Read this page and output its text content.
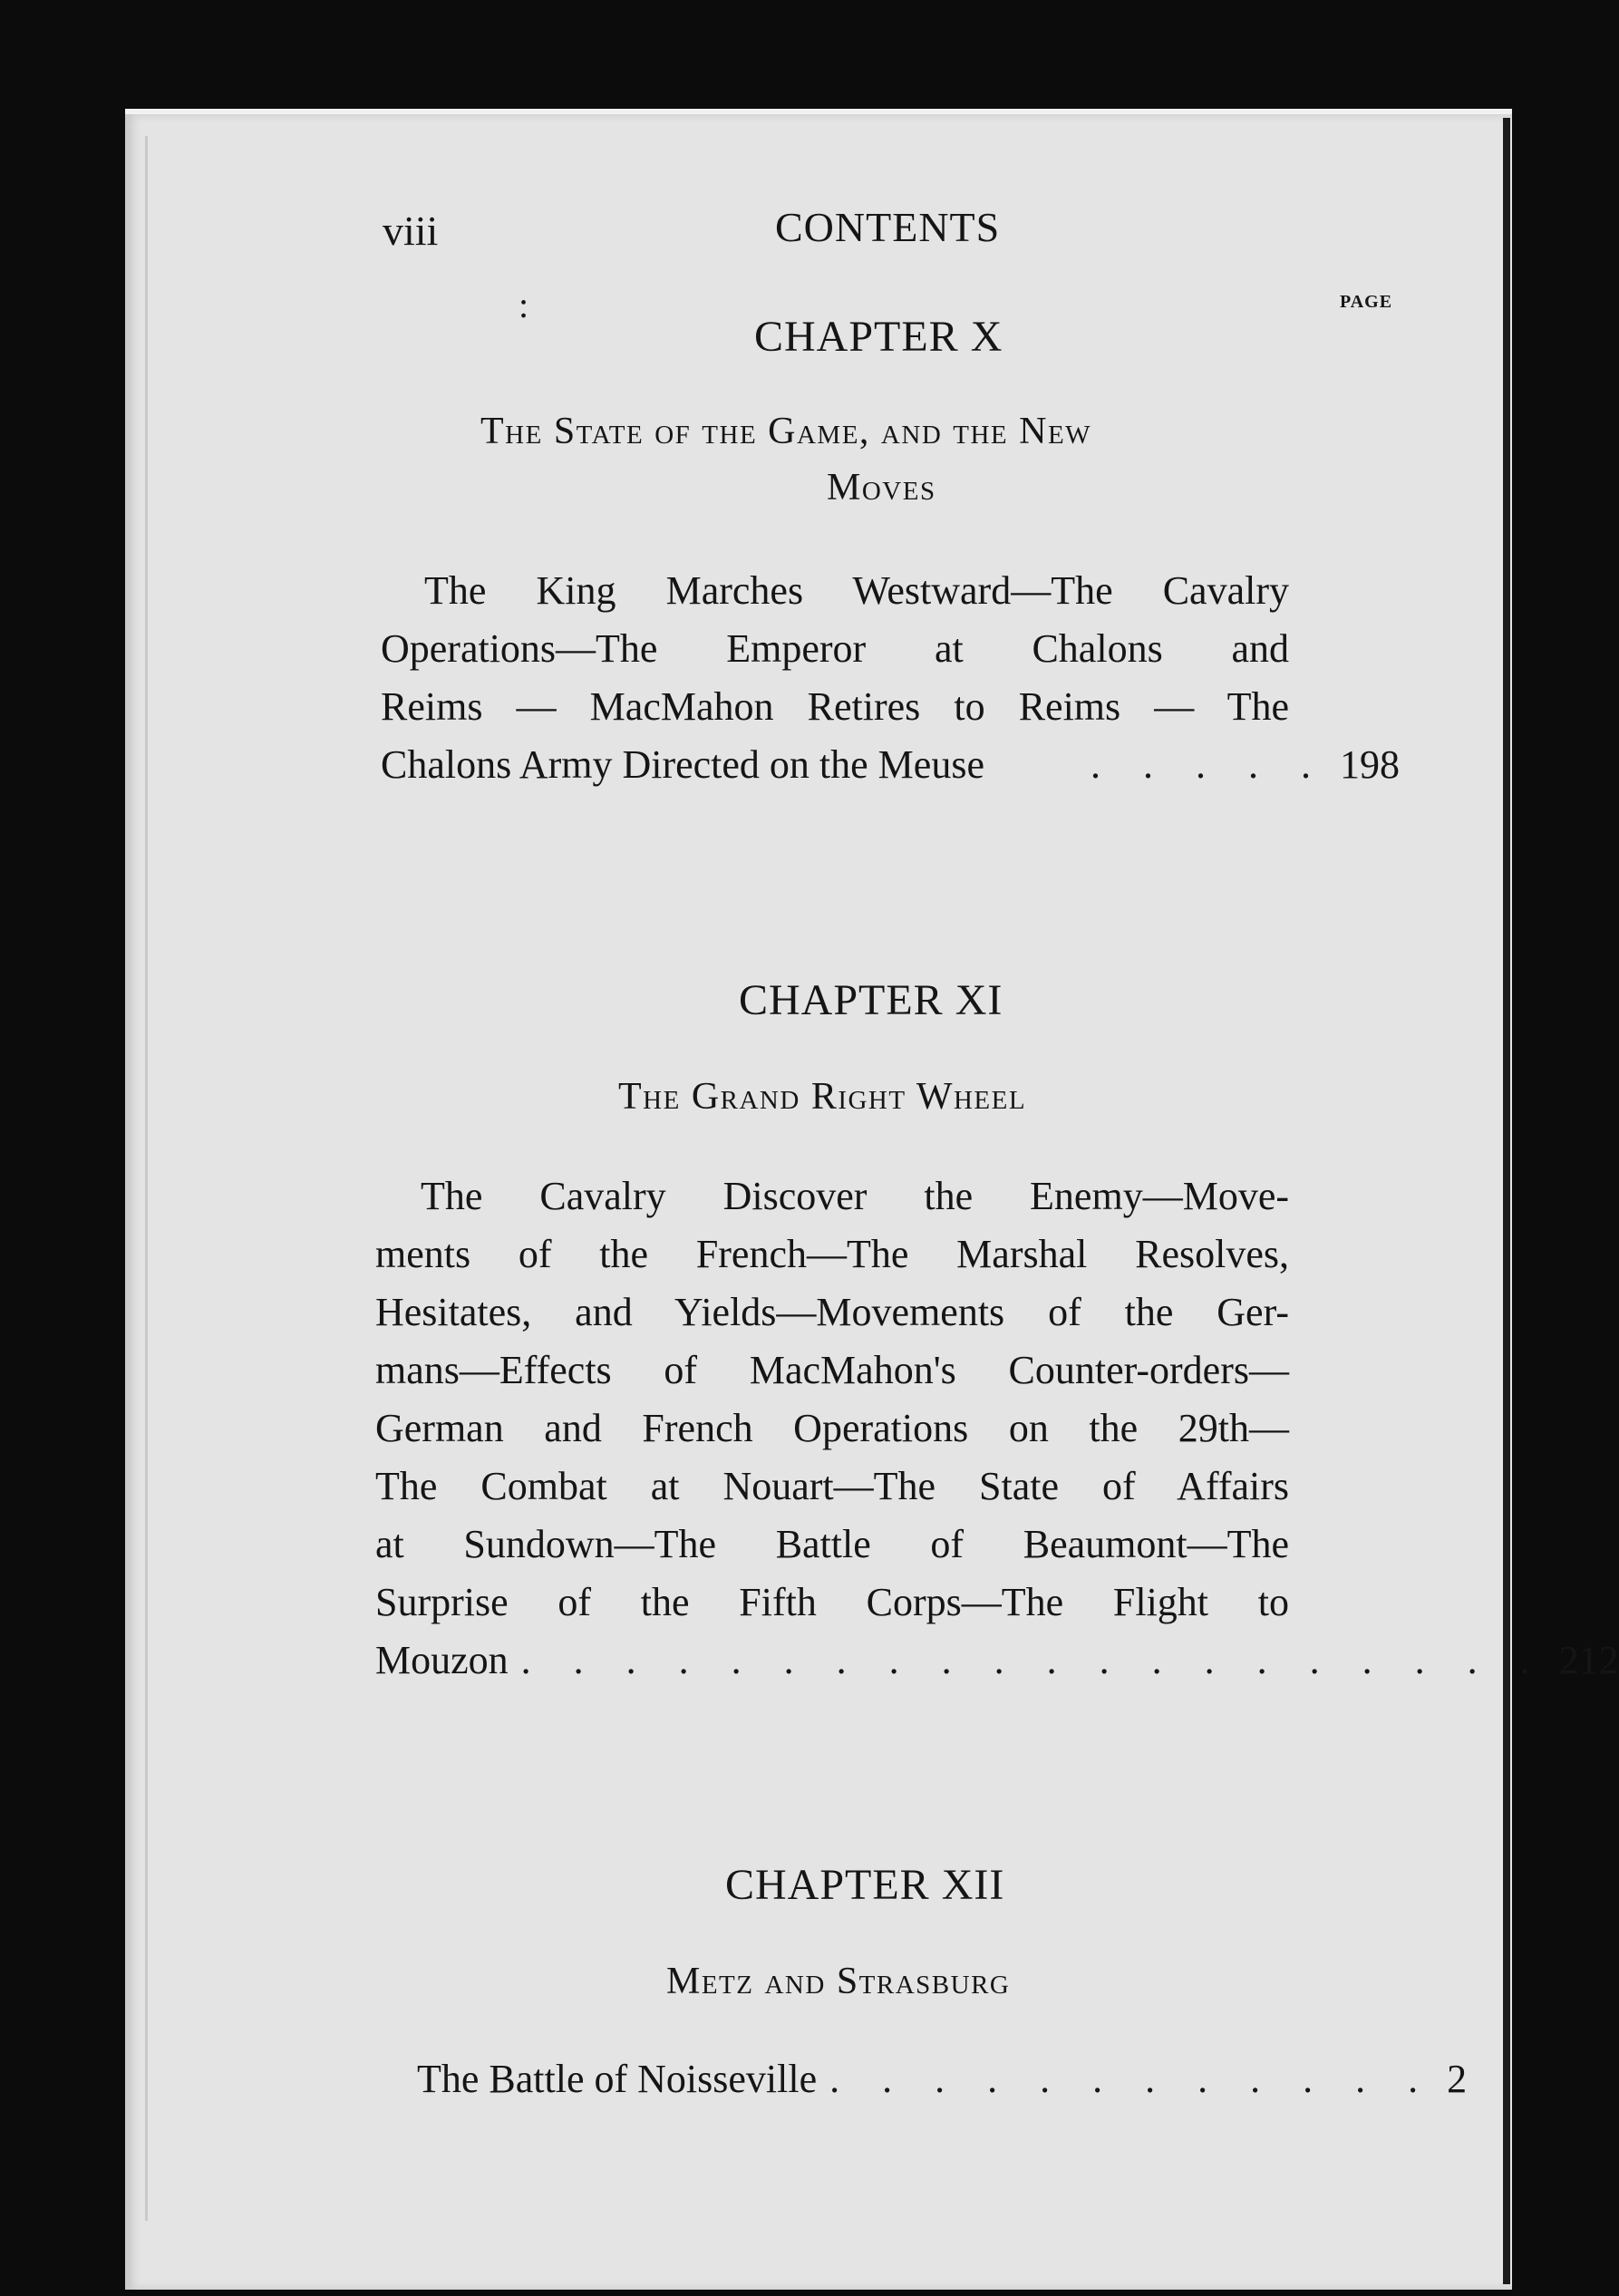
viii	CONTENTS
PAGE
:
CHAPTER X
The State of the Game, and the New
Moves
The King Marches Westward—The Cavalry
Operations—The Emperor at Chalons and
Reims — MacMahon Retires to Reims — The
Chalons Army Directed on the Meuse	. . . . . 198
CHAPTER XI
The Grand Right Wheel
The Cavalry Discover the Enemy—Move-
ments of the French—The Marshal Resolves,
Hesitates, and Yields—Movements of the Ger-
mans—Effects of MacMahon's Counter-orders—
German and French Operations on the 29th—
The Combat at Nouart—The State of Affairs
at Sundown—The Battle of Beaumont—The
Surprise of the Fifth Corps—The Flight to
Mouzon . . . . . . . . . . . . . . . . . . . . 212
CHAPTER XII
Metz and Strasburg
The Battle of Noisseville . . . . . . . . . . . . 2
